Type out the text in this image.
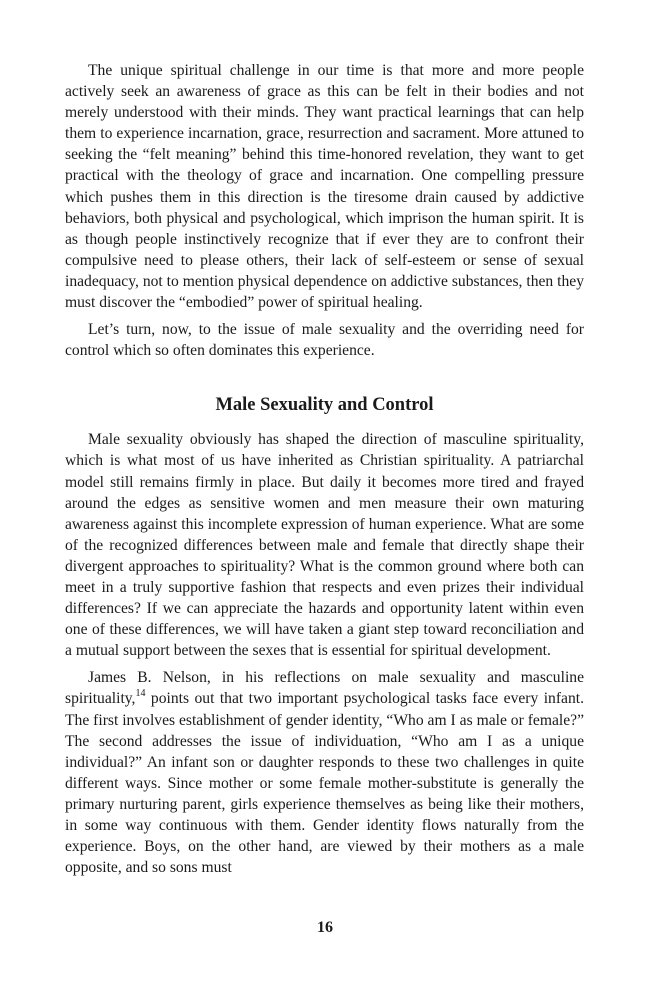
The unique spiritual challenge in our time is that more and more people actively seek an awareness of grace as this can be felt in their bodies and not merely understood with their minds. They want practical learnings that can help them to experience incarnation, grace, resurrection and sacrament. More attuned to seeking the “felt meaning” behind this time-honored revelation, they want to get practical with the theology of grace and incarnation. One compelling pressure which pushes them in this direction is the tiresome drain caused by addictive behaviors, both physical and psychological, which imprison the human spirit. It is as though people instinctively recognize that if ever they are to confront their compulsive need to please others, their lack of self-esteem or sense of sexual inadequacy, not to mention physical dependence on addictive substances, then they must discover the “embodied” power of spiritual healing.

Let’s turn, now, to the issue of male sexuality and the overriding need for control which so often dominates this experience.

Male Sexuality and Control

Male sexuality obviously has shaped the direction of masculine spirituality, which is what most of us have inherited as Christian spirituality. A patriarchal model still remains firmly in place. But daily it becomes more tired and frayed around the edges as sensitive women and men measure their own maturing awareness against this incomplete expression of human experience. What are some of the recognized differences between male and female that directly shape their divergent approaches to spirituality? What is the common ground where both can meet in a truly supportive fashion that respects and even prizes their individual differences? If we can appreciate the hazards and opportunity latent within even one of these differences, we will have taken a giant step toward reconciliation and a mutual support between the sexes that is essential for spiritual development.

James B. Nelson, in his reflections on male sexuality and masculine spirituality,$^{14}$ points out that two important psychological tasks face every infant. The first involves establishment of gender identity, “Who am I as male or female?” The second addresses the issue of individuation, “Who am I as a unique individual?” An infant son or daughter responds to these two challenges in quite different ways. Since mother or some female mother-substitute is generally the primary nurturing parent, girls experience themselves as being like their mothers, in some way continuous with them. Gender identity flows naturally from the experience. Boys, on the other hand, are viewed by their mothers as a male opposite, and so sons must

16
